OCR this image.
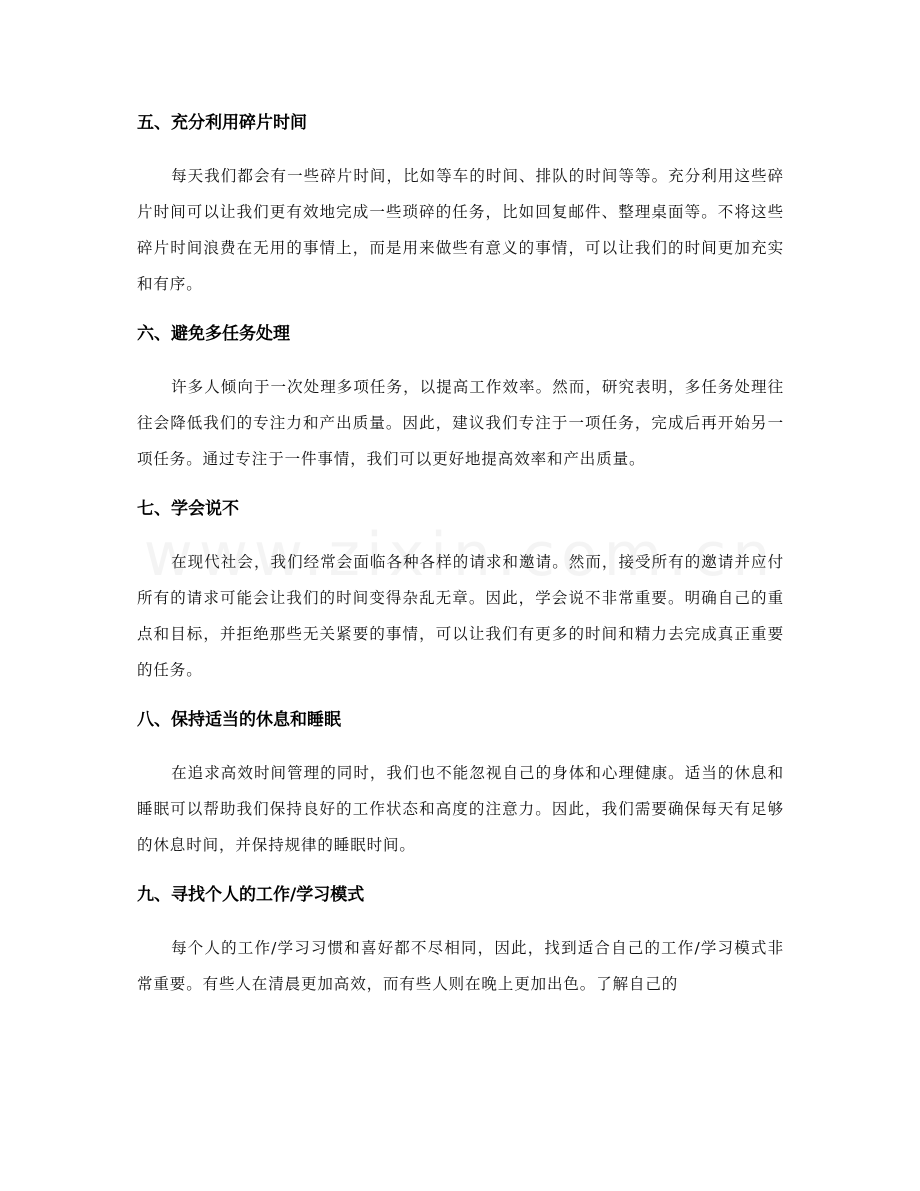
五、充分利用碎片时间

每天我们都会有一些碎片时间，比如等车的时间、排队的时间等等。充分利用这些碎片时间可以让我们更有效地完成一些琐碎的任务，比如回复邮件、整理桌面等。不将这些碎片时间浪费在无用的事情上，而是用来做些有意义的事情，可以让我们的时间更加充实和有序。

六、避免多任务处理

许多人倾向于一次处理多项任务，以提高工作效率。然而，研究表明，多任务处理往往会降低我们的专注力和产出质量。因此，建议我们专注于一项任务，完成后再开始另一项任务。通过专注于一件事情，我们可以更好地提高效率和产出质量。

七、学会说不

在现代社会，我们经常会面临各种各样的请求和邀请。然而，接受所有的邀请并应付所有的请求可能会让我们的时间变得杂乱无章。因此，学会说不非常重要。明确自己的重点和目标，并拒绝那些无关紧要的事情，可以让我们有更多的时间和精力去完成真正重要的任务。

八、保持适当的休息和睡眠

在追求高效时间管理的同时，我们也不能忽视自己的身体和心理健康。适当的休息和睡眠可以帮助我们保持良好的工作状态和高度的注意力。因此，我们需要确保每天有足够的休息时间，并保持规律的睡眠时间。

九、寻找个人的工作/学习模式

每个人的工作/学习习惯和喜好都不尽相同，因此，找到适合自己的工作/学习模式非常重要。有些人在清晨更加高效，而有些人则在晚上更加出色。了解自己的
